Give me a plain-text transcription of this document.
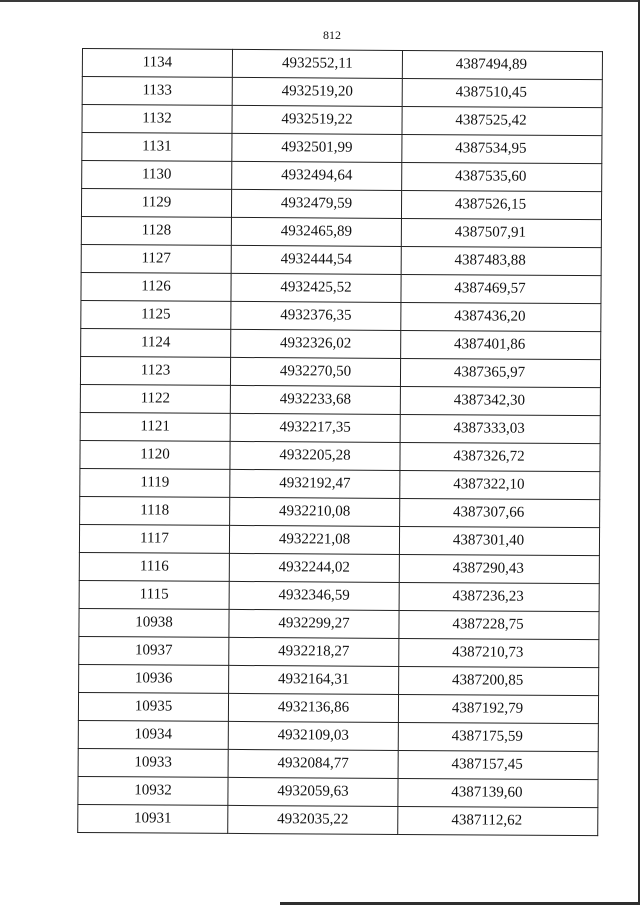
812
1134	4932552,11	4387494,89
1133	4932519,20	4387510,45
1132	4932519,22	4387525,42
1131	4932501,99	4387534,95
1130	4932494,64	4387535,60
1129	4932479,59	4387526,15
1128	4932465,89	4387507,91
1127	4932444,54	4387483,88
1126	4932425,52	4387469,57
1125	4932376,35	4387436,20
1124	4932326,02	4387401,86
1123	4932270,50	4387365,97
1122	4932233,68	4387342,30
1121	4932217,35	4387333,03
1120	4932205,28	4387326,72
1119	4932192,47	4387322,10
1118	4932210,08	4387307,66
1117	4932221,08	4387301,40
1116	4932244,02	4387290,43
1115	4932346,59	4387236,23
10938	4932299,27	4387228,75
10937	4932218,27	4387210,73
10936	4932164,31	4387200,85
10935	4932136,86	4387192,79
10934	4932109,03	4387175,59
10933	4932084,77	4387157,45
10932	4932059,63	4387139,60
10931	4932035,22	4387112,62
